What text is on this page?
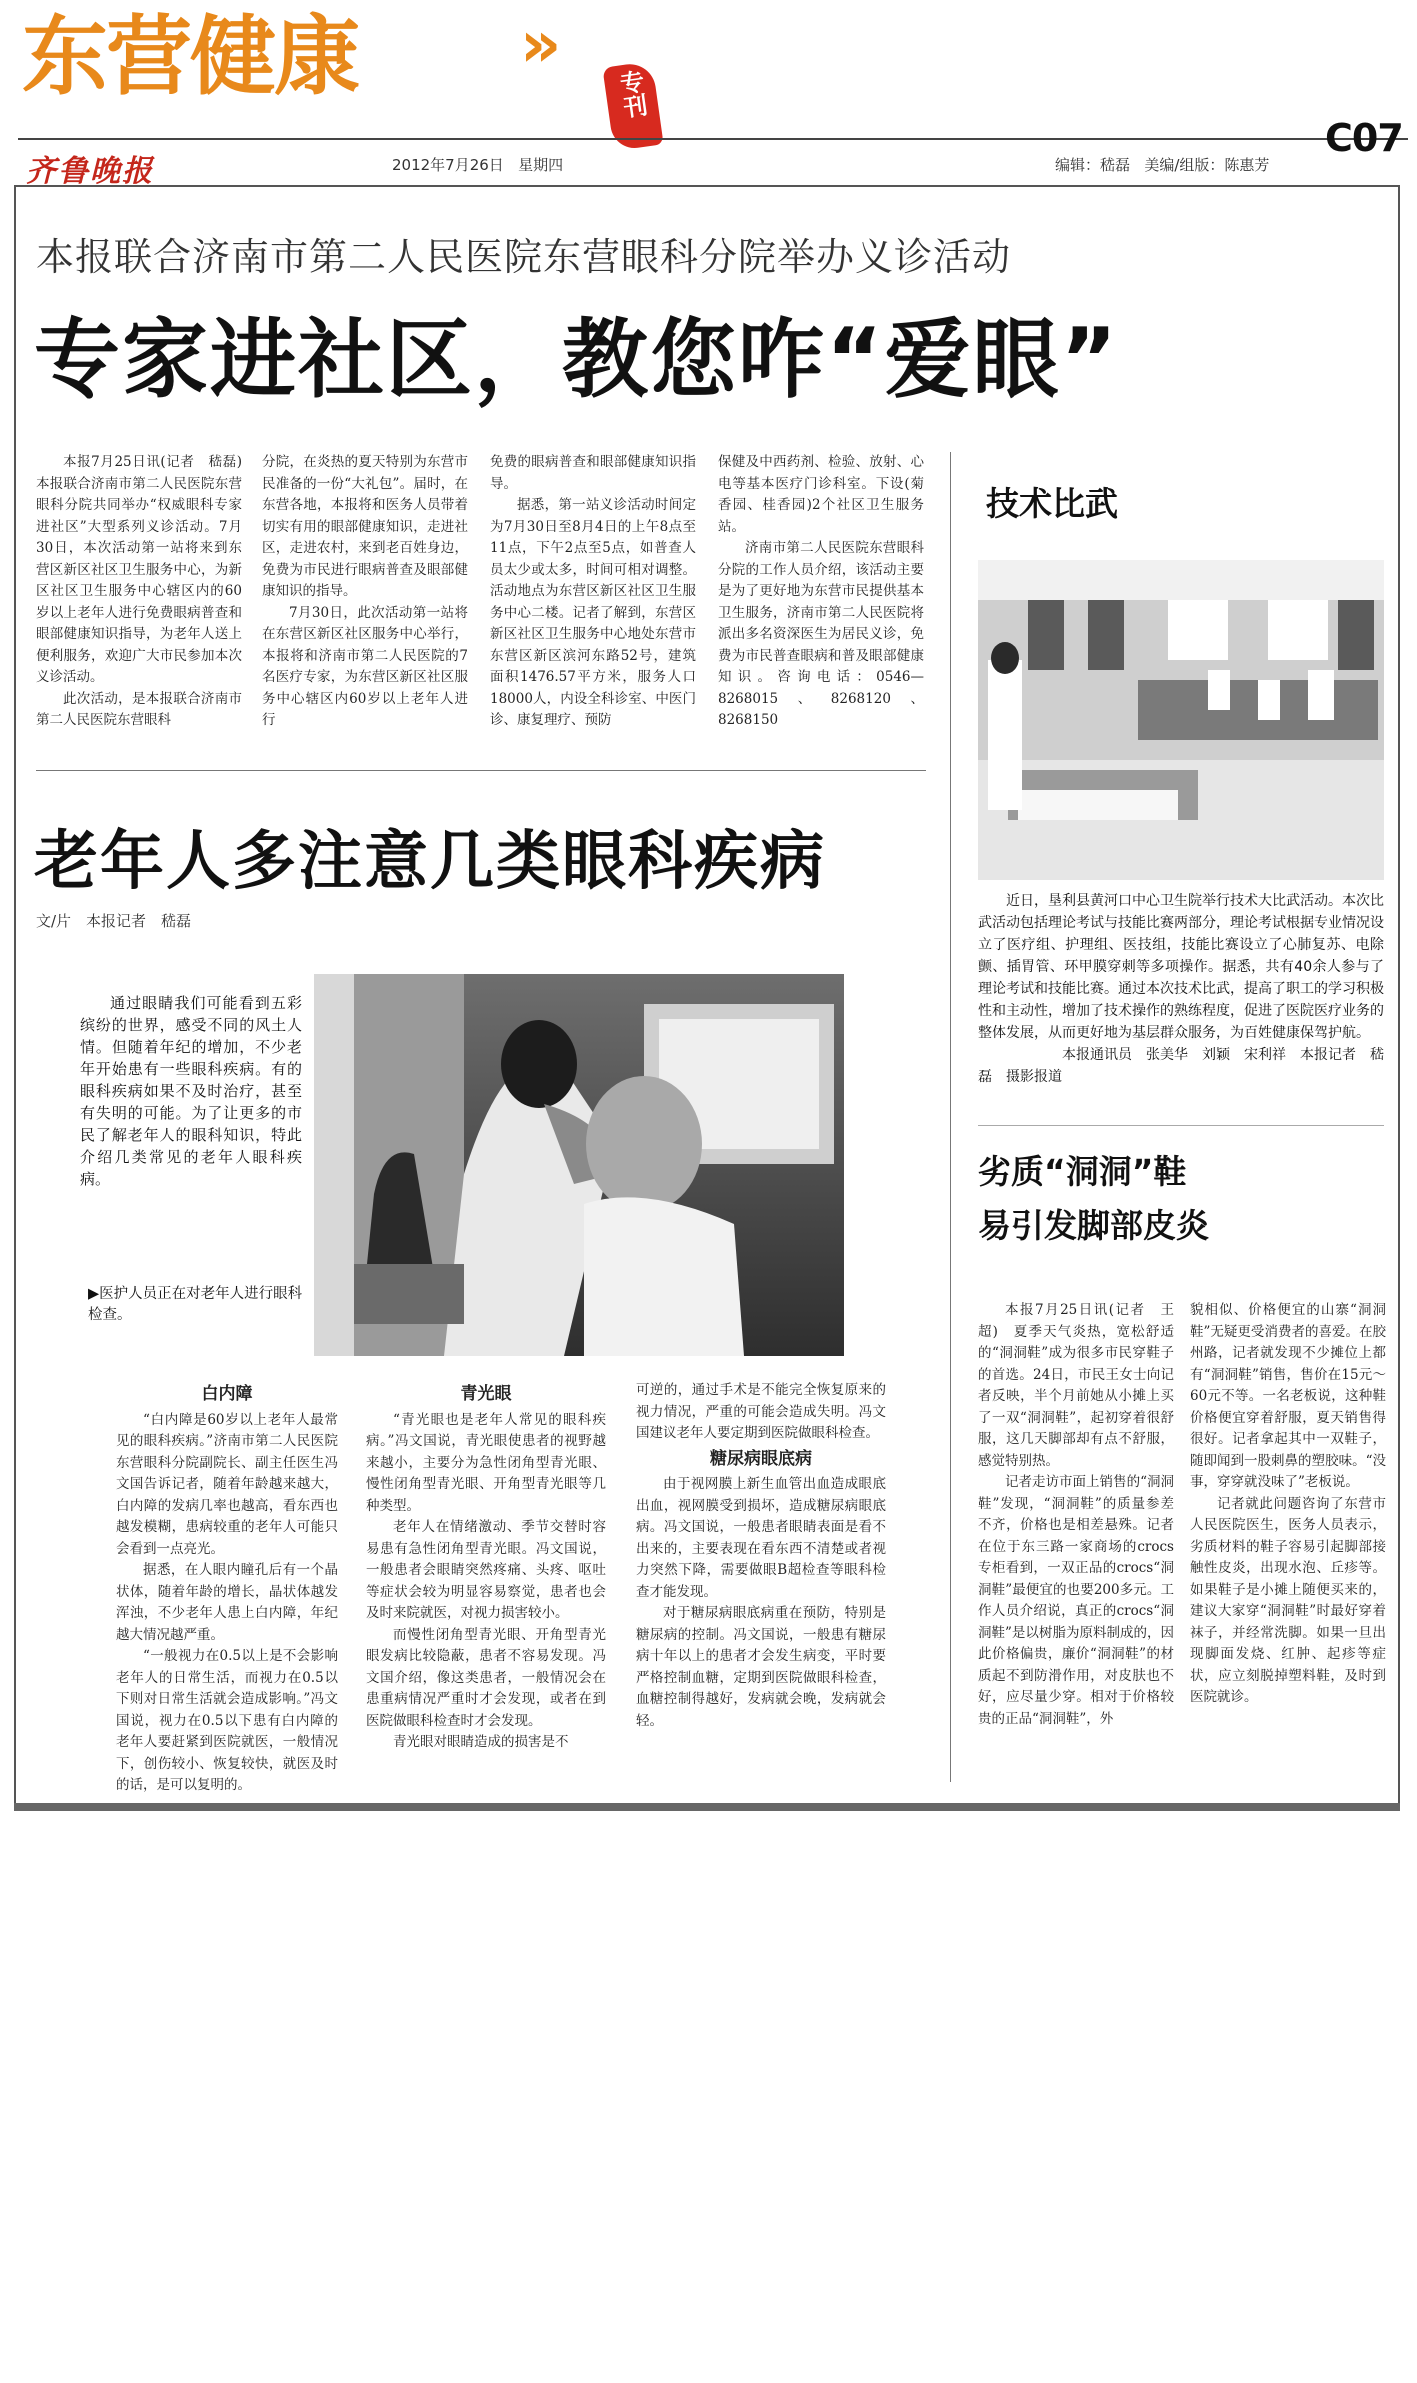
东营健康	»
专刊
齐鲁晚报	2012年7月26日 星期四	编辑：嵇磊 美编/组版：陈惠芳
C07
本报联合济南市第二人民医院东营眼科分院举办义诊活动
专家进社区，教您咋“爱眼”

本报7月25日讯(记者　嵇磊)　本报联合济南市第二人民医院东营眼科分院共同举办“权威眼科专家进社区”大型系列义诊活动。7月30日，本次活动第一站将来到东营区新区社区卫生服务中心，为新区社区卫生服务中心辖区内的60岁以上老年人进行免费眼病普查和眼部健康知识指导，为老年人送上便利服务，欢迎广大市民参加本次义诊活动。

此次活动，是本报联合济南市第二人民医院东营眼科

分院，在炎热的夏天特别为东营市民准备的一份“大礼包”。届时，在东营各地，本报将和医务人员带着切实有用的眼部健康知识，走进社区，走进农村，来到老百姓身边，免费为市民进行眼病普查及眼部健康知识的指导。

7月30日，此次活动第一站将在东营区新区社区服务中心举行，本报将和济南市第二人民医院的7名医疗专家，为东营区新区社区服务中心辖区内60岁以上老年人进行

免费的眼病普查和眼部健康知识指导。

据悉，第一站义诊活动时间定为7月30日至8月4日的上午8点至11点，下午2点至5点，如普查人员太少或太多，时间可相对调整。活动地点为东营区新区社区卫生服务中心二楼。记者了解到，东营区新区社区卫生服务中心地处东营市东营区新区滨河东路52号，建筑面积1476.57平方米，服务人口18000人，内设全科诊室、中医门诊、康复理疗、预防

保健及中西药剂、检验、放射、心电等基本医疗门诊科室。下设(菊香园、桂香园)2个社区卫生服务站。

济南市第二人民医院东营眼科分院的工作人员介绍，该活动主要是为了更好地为东营市民提供基本卫生服务，济南市第二人民医院将派出多名资深医生为居民义诊，免费为市民普查眼病和普及眼部健康知识。咨询电话：0546—8268015、8268120、8268150

老年人多注意几类眼科疾病
文/片　本报记者　嵇磊

通过眼睛我们可能看到五彩缤纷的世界，感受不同的风土人情。但随着年纪的增加，不少老年开始患有一些眼科疾病。有的眼科疾病如果不及时治疗，甚至有失明的可能。为了让更多的市民了解老年人的眼科知识，特此介绍几类常见的老年人眼科疾病。

▶医护人员正在对老年人进行眼科检查。
白内障

“白内障是60岁以上老年人最常见的眼科疾病。”济南市第二人民医院东营眼科分院副院长、副主任医生冯文国告诉记者，随着年龄越来越大，白内障的发病几率也越高，看东西也越发模糊，患病较重的老年人可能只会看到一点亮光。

据悉，在人眼内瞳孔后有一个晶状体，随着年龄的增长，晶状体越发浑浊，不少老年人患上白内障，年纪越大情况越严重。

“一般视力在0.5以上是不会影响老年人的日常生活，而视力在0.5以下则对日常生活就会造成影响。”冯文国说，视力在0.5以下患有白内障的老年人要赶紧到医院就医，一般情况下，创伤较小、恢复较快，就医及时的话，是可以复明的。

青光眼

“青光眼也是老年人常见的眼科疾病。”冯文国说，青光眼使患者的视野越来越小，主要分为急性闭角型青光眼、慢性闭角型青光眼、开角型青光眼等几种类型。

老年人在情绪激动、季节交替时容易患有急性闭角型青光眼。冯文国说，一般患者会眼睛突然疼痛、头疼、呕吐等症状会较为明显容易察觉，患者也会及时来院就医，对视力损害较小。

而慢性闭角型青光眼、开角型青光眼发病比较隐蔽，患者不容易发现。冯文国介绍，像这类患者，一般情况会在患重病情况严重时才会发现，或者在到医院做眼科检查时才会发现。

青光眼对眼睛造成的损害是不

可逆的，通过手术是不能完全恢复原来的视力情况，严重的可能会造成失明。冯文国建议老年人要定期到医院做眼科检查。

糖尿病眼底病

由于视网膜上新生血管出血造成眼底出血，视网膜受到损坏，造成糖尿病眼底病。冯文国说，一般患者眼睛表面是看不出来的，主要表现在看东西不清楚或者视力突然下降，需要做眼B超检查等眼科检查才能发现。

对于糖尿病眼底病重在预防，特别是糖尿病的控制。冯文国说，一般患有糖尿病十年以上的患者才会发生病变，平时要严格控制血糖，定期到医院做眼科检查，血糖控制得越好，发病就会晚，发病就会轻。

技术比武

近日，垦利县黄河口中心卫生院举行技术大比武活动。本次比武活动包括理论考试与技能比赛两部分，理论考试根据专业情况设立了医疗组、护理组、医技组，技能比赛设立了心肺复苏、电除颤、插胃管、环甲膜穿刺等多项操作。据悉，共有40余人参与了理论考试和技能比赛。通过本次技术比武，提高了职工的学习积极性和主动性，增加了技术操作的熟练程度，促进了医院医疗业务的整体发展，从而更好地为基层群众服务，为百姓健康保驾护航。

本报通讯员　张美华　刘颖　宋利祥　本报记者　嵇磊　摄影报道

劣质“洞洞”鞋
易引发脚部皮炎

本报7月25日讯(记者　王超)　夏季天气炎热，宽松舒适的“洞洞鞋”成为很多市民穿鞋子的首选。24日，市民王女士向记者反映，半个月前她从小摊上买了一双“洞洞鞋”，起初穿着很舒服，这几天脚部却有点不舒服，感觉特别热。

记者走访市面上销售的“洞洞鞋”发现，“洞洞鞋”的质量参差不齐，价格也是相差悬殊。记者在位于东三路一家商场的crocs专柜看到，一双正品的crocs“洞洞鞋”最便宜的也要200多元。工作人员介绍说，真正的crocs“洞洞鞋”是以树脂为原料制成的，因此价格偏贵，廉价“洞洞鞋”的材质起不到防滑作用，对皮肤也不好，应尽量少穿。相对于价格较贵的正品“洞洞鞋”，外

貌相似、价格便宜的山寨“洞洞鞋”无疑更受消费者的喜爱。在胶州路，记者就发现不少摊位上都有“洞洞鞋”销售，售价在15元～60元不等。一名老板说，这种鞋价格便宜穿着舒服，夏天销售得很好。记者拿起其中一双鞋子，随即闻到一股刺鼻的塑胶味。“没事，穿穿就没味了”老板说。

记者就此问题咨询了东营市人民医院医生，医务人员表示，劣质材料的鞋子容易引起脚部接触性皮炎，出现水泡、丘疹等。如果鞋子是小摊上随便买来的，建议大家穿“洞洞鞋”时最好穿着袜子，并经常洗脚。如果一旦出现脚面发烧、红肿、起疹等症状，应立刻脱掉塑料鞋，及时到医院就诊。
